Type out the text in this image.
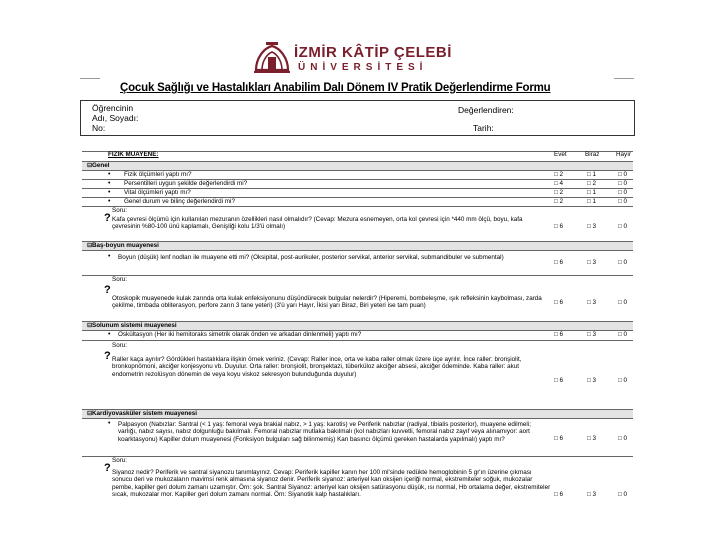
İZMİR KÂTİP ÇELEBİ
ÜNİVERSİTESİ
Çocuk Sağlığı ve Hastalıkları Anabilim Dalı Dönem IV Pratik Değerlendirme Formu
Öğrencinin
Adı, Soyadı:
No:
Değerlendiren:
Tarih:
FİZİK MUAYENE:	Evet	Biraz	Hayır
⊟ Genel
• Fizik ölçümleri yaptı mı?	□ 2	□ 1	□ 0
• Persentilleri uygun şekilde değerlendirdi mi?	□ 4	□ 2	□ 0
• Vital ölçümleri yaptı mı?	□ 2	□ 1	□ 0
• Genel durum ve bilinç değerlendirdi mi?	□ 2	□ 1	□ 0
Soru:
? Kafa çevresi ölçümü için kullanılan mezuranın özellikleri nasıl olmalıdır? (Cevap: Mezura esnemeyen, orta kol çevresi için *440 mm ölçü, boyu, kafa çevresinin %80-100 ünü kaplamalı, Genişliği kolu 1/3'ü olmalı)	□ 6	□ 3	□ 0
⊟ Baş-boyun muayenesi
• Boyun (düşük) lenf nodları ile muayene etti mi? (Oksipital, post-aurikuler, posterior servikal, anterior servikal, submandibuler ve submental)
□ 6	□ 3	□ 0
Soru:
?
Otoskopik muayenede kulak zarında orta kulak enfeksiyonunu düşündürecek bulgular nelerdir? (Hiperemi, bombeleşme, ışık refleksinin kaybolması, zarda çekilme, timbada obliterasyon, perfore zarın 3 tane yeteri) (3'ü yarı Hayır, İkisi yarı Biraz, Biri yeteri ise tam puan)	□ 6	□ 3	□ 0
⊟ Solunum sistemi muayenesi
• Oskültasyon (Her iki hemitoraks simetrik olarak önden ve arkadan dinlenmeli) yaptı mı?	□ 6	□ 3	□ 0
Soru:
? Raller kaça ayrılır? Gördükleri hastalıklara ilişkin örnek veriniz. (Cevap: Raller ince, orta ve kaba raller olmak üzere üçe ayrılır. İnce raller: bronşiolit, bronkopnömoni, akciğer konjesyonu vb. Duyulur. Orta raller: bronşiolit, bronşektazi, tüberküloz akciğer absesi, akciğer ödeminde. Kaba raller: akut endometrin rezolüsyon dönemin de veya koyu viskoz sekresyon bulunduğunda duyulur)
□ 6	□ 3	□ 0
⊟ Kardiyovasküler sistem muayenesi
• Palpasyon (Nabızlar: Santral (< 1 yaş: femoral veya brakial nabız, > 1 yaş: karotis) ve Periferik nabızlar (radiyal, tibialis posterior), muayene edilmeli; varlığı, nabız sayısı, nabız dolgunluğu bakılmalı. Femoral nabızlar mutlaka bakılmalı (kol nabızları kuvvetli, femoral nabız zayıf veya alınamıyor: aort koarktasyonu) Kapiller dolum muayenesi (Fonksiyon bulguları sağ bilinmemiş) Kan basıncı ölçümü gereken hastalarda yapılmalı) yaptı mı?	□ 6	□ 3	□ 0
Soru:
? Siyanoz nedir? Periferik ve santral siyanozu tanımlayınız. Cevap: Periferik kapiller kanın her 100 ml'sinde redükte hemoglobinin 5 gr'ın üzerine çıkması sonucu deri ve mukozaların mavimsi renk almasına siyanoz denir. Periferik siyanoz: arteriyel kan oksijen içeriği normal, ekstremiteler soğuk, mukozalar pembe, kapiller geri dolum zamanı uzamıştır. Örn: şok. Santral Siyanoz: arteriyel kan oksijen satürasyonu düşük, ısı normal, Hb ortalama değer, ekstremiteler sıcak, mukozalar mor. Kapiller geri dolum zamanı normal. Örn: Siyanotik kalp hastalıkları.	□ 6	□ 3	□ 0
